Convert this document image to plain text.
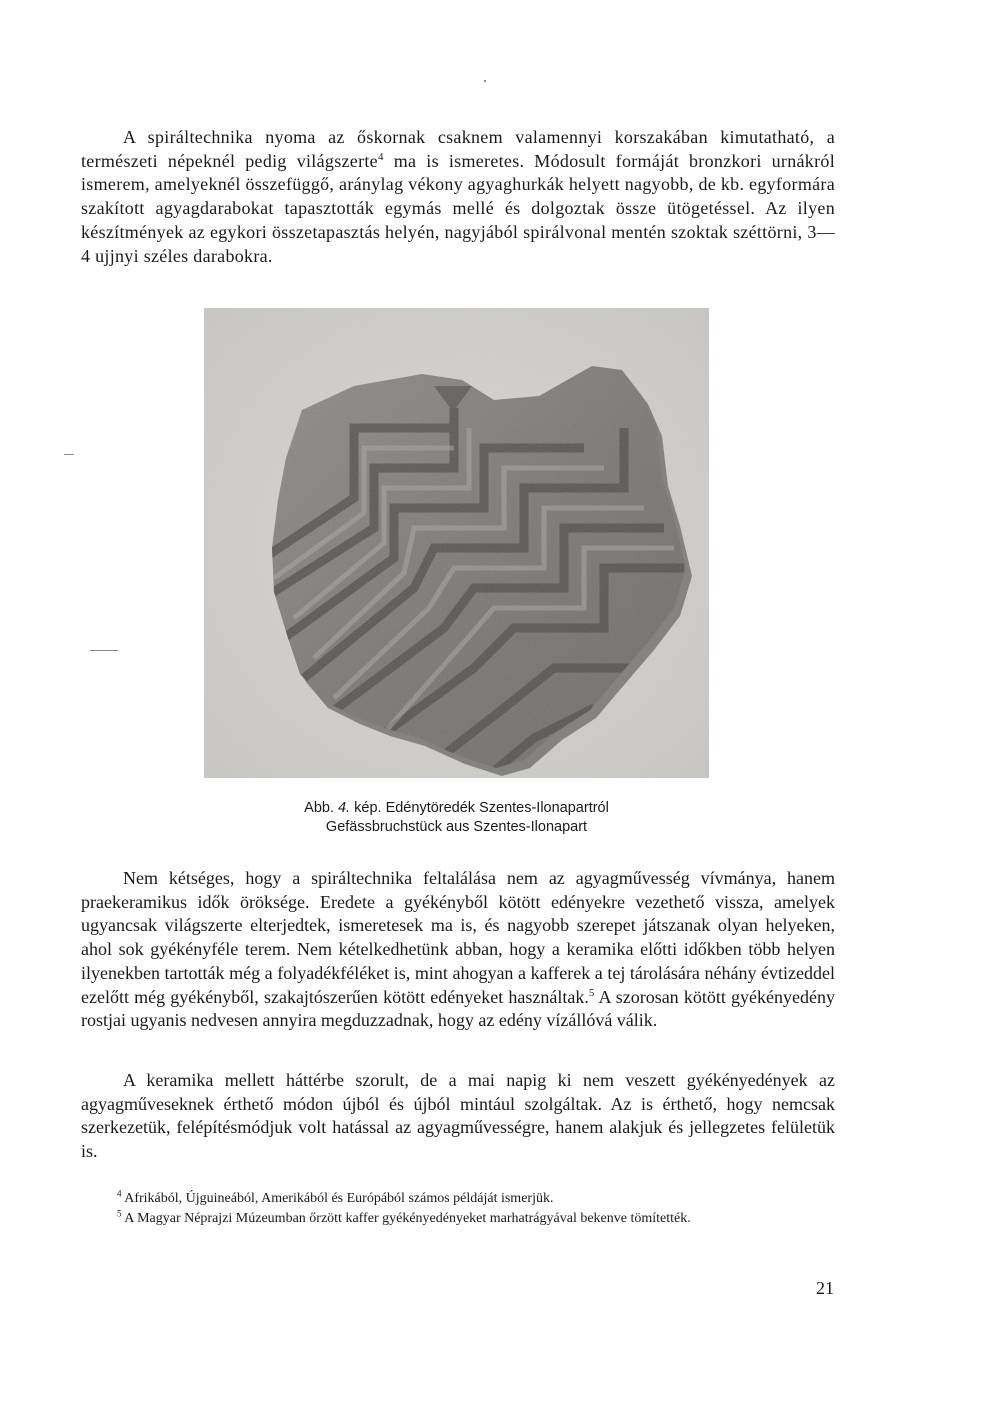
A spiráltechnika nyoma az őskornak csaknem valamennyi korszakában kimutatható, a természeti népeknél pedig világszerte$^4$ ma is ismeretes. Módosult formáját bronzkori urnákról ismerem, amelyeknél összefüggő, aránylag vékony agyaghurkák helyett nagyobb, de kb. egyformára szakított agyagdarabokat tapasztották egymás mellé és dolgoztak össze ütögetéssel. Az ilyen készítmények az egykori összetapasztás helyén, nagyjából spirálvonal mentén szoktak széttörni, 3—4 ujjnyi széles darabokra.

Abb. 4. kép. Edénytöredék Szentes-Ilonapartról
Gefässbruchstück aus Szentes-Ilonapart

Nem kétséges, hogy a spiráltechnika feltalálása nem az agyagművesség vívmánya, hanem praekeramikus idők öröksége. Eredete a gyékényből kötött edényekre vezethető vissza, amelyek ugyancsak világszerte elterjedtek, ismeretesek ma is, és nagyobb szerepet játszanak olyan helyeken, ahol sok gyékényféle terem. Nem kételkedhetünk abban, hogy a keramika előtti időkben több helyen ilyenekben tartották még a folyadékféléket is, mint ahogyan a kafferek a tej tárolására néhány évtizeddel ezelőtt még gyékényből, szakajtószerűen kötött edényeket használtak.$^5$ A szorosan kötött gyékényedény rostjai ugyanis nedvesen annyira megduzzadnak, hogy az edény vízállóvá válik.

A keramika mellett háttérbe szorult, de a mai napig ki nem veszett gyékényedények az agyagműveseknek érthető módon újból és újból mintául szolgáltak. Az is érthető, hogy nemcsak szerkezetük, felépítésmódjuk volt hatással az agyagművességre, hanem alakjuk és jellegzetes felületük is.

$^4$ Afrikából, Újguineából, Amerikából és Európából számos példáját ismerjük.

$^5$ A Magyar Néprajzi Múzeumban őrzött kaffer gyékényedényeket marhatrágyával bekenve tömítették.

21
